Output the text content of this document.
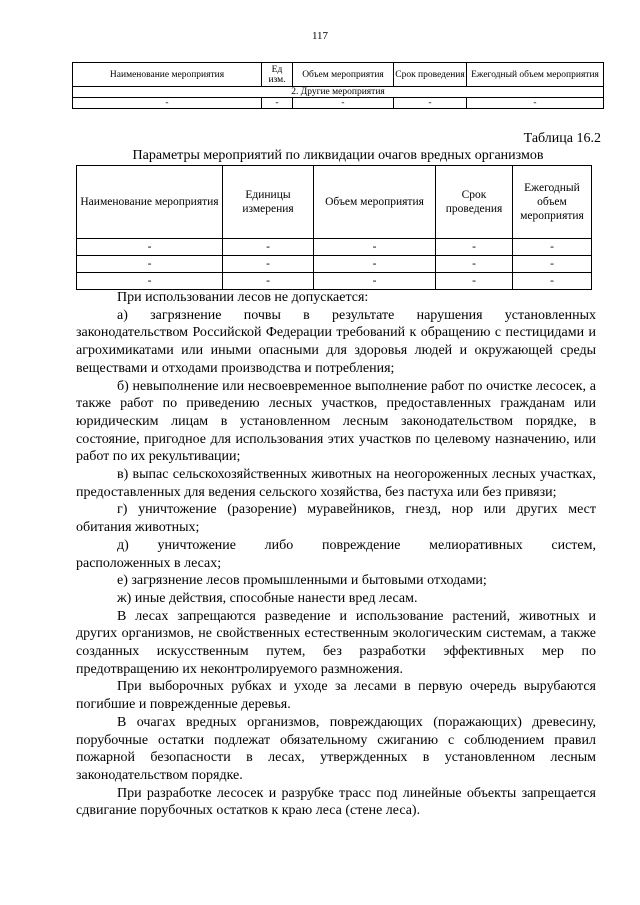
117
Наименование мероприятия	Ед изм.	Объем мероприятия	Срок проведения	Ежегодный объем мероприятия
2. Другие мероприятия				
-	-	-	-	-
Таблица 16.2
Параметры мероприятий по ликвидации очагов вредных организмов
Наименование мероприятия	Единицы измерения	Объем мероприятия	Срок проведения	Ежегодный объем мероприятия
-	-	-	-	-
-	-	-	-	-
-	-	-	-	-

При использовании лесов не допускается:

а) загрязнение почвы в результате нарушения установленных законодательством Российской Федерации требований к обращению с пестицидами и агрохимикатами или иными опасными для здоровья людей и окружающей среды веществами и отходами производства и потребления;

б) невыполнение или несвоевременное выполнение работ по очистке лесосек, а также работ по приведению лесных участков, предоставленных гражданам или юридическим лицам в установленном лесным законодательством порядке, в состояние, пригодное для использования этих участков по целевому назначению, или работ по их рекультивации;

в) выпас сельскохозяйственных животных на неогороженных лесных участках, предоставленных для ведения сельского хозяйства, без пастуха или без привязи;

г) уничтожение (разорение) муравейников, гнезд, нор или других мест обитания животных;

д) уничтожение либо повреждение мелиоративных систем,

расположенных в лесах;

е) загрязнение лесов промышленными и бытовыми отходами;

ж) иные действия, способные нанести вред лесам.

В лесах запрещаются разведение и использование растений, животных и других организмов, не свойственных естественным экологическим системам, а также созданных искусственным путем, без разработки эффективных мер по предотвращению их неконтролируемого размножения.

При выборочных рубках и уходе за лесами в первую очередь вырубаются погибшие и поврежденные деревья.

В очагах вредных организмов, повреждающих (поражающих) древесину, порубочные остатки подлежат обязательному сжиганию с соблюдением правил пожарной безопасности в лесах, утвержденных в установленном лесным законодательством порядке.

При разработке лесосек и разрубке трасс под линейные объекты запрещается сдвигание порубочных остатков к краю леса (стене леса).
